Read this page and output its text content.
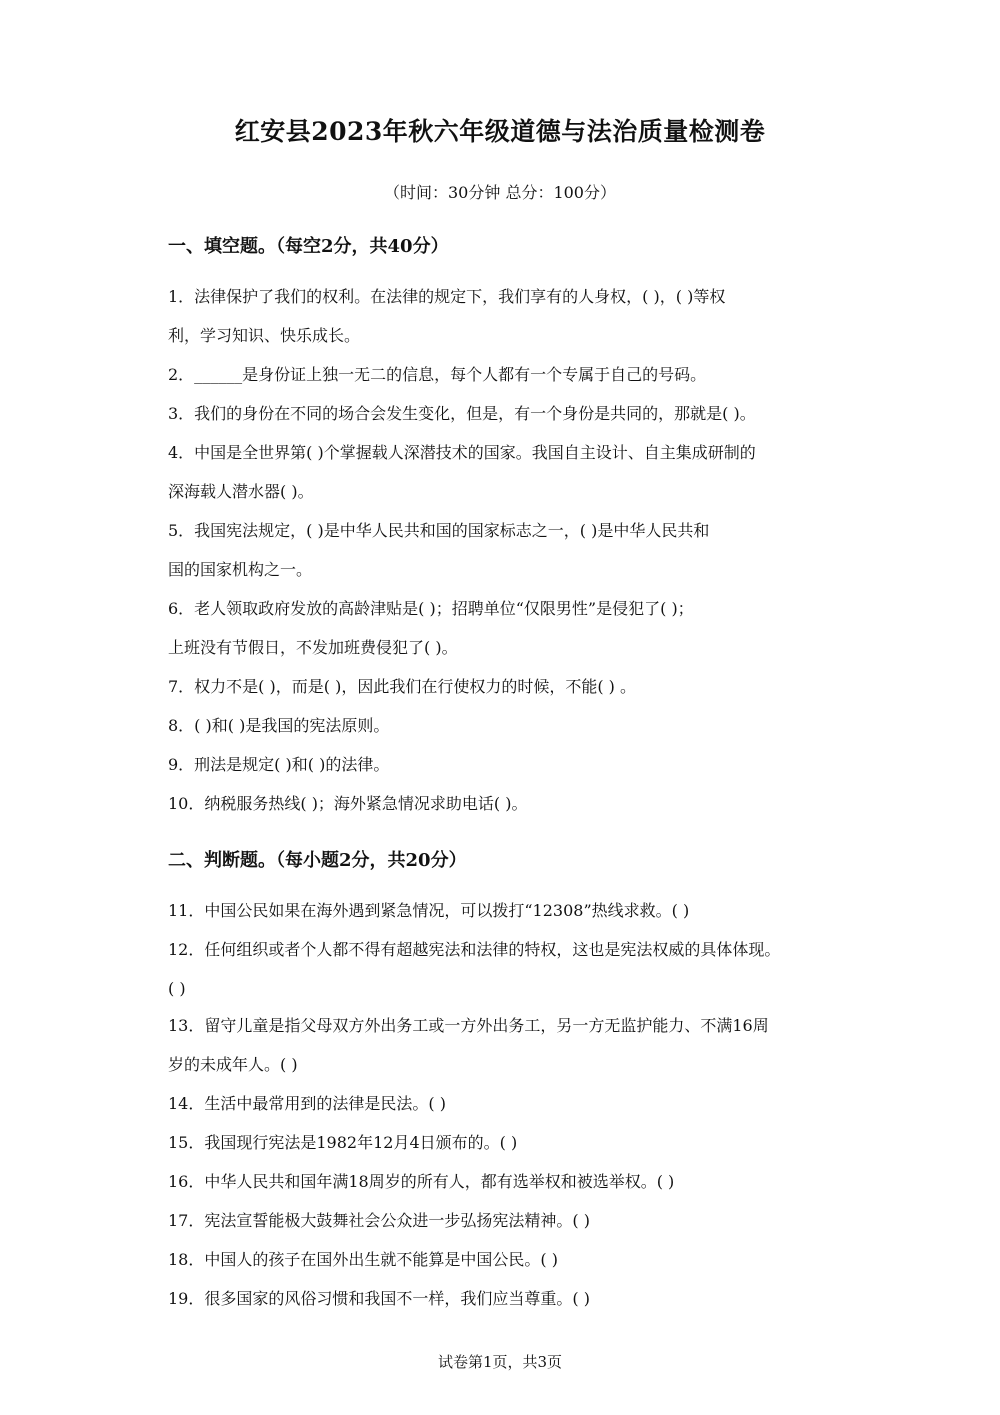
红安县2023年秋六年级道德与法治质量检测卷
（时间：30分钟 总分：100分）
一、填空题。（每空2分，共40分）
1．法律保护了我们的权利。在法律的规定下，我们享有的人身权，( )，( )等权
利，学习知识、快乐成长。
2．______是身份证上独一无二的信息，每个人都有一个专属于自己的号码。
3．我们的身份在不同的场合会发生变化，但是，有一个身份是共同的，那就是( )。
4．中国是全世界第( )个掌握载人深潜技术的国家。我国自主设计、自主集成研制的
深海载人潜水器( )。
5．我国宪法规定，( )是中华人民共和国的国家标志之一，( )是中华人民共和
国的国家机构之一。
6．老人领取政府发放的高龄津贴是( )；招聘单位“仅限男性”是侵犯了( )；
上班没有节假日，不发加班费侵犯了( )。
7．权力不是( )，而是( )，因此我们在行使权力的时候，不能( ) 。
8．( )和( )是我国的宪法原则。
9．刑法是规定( )和( )的法律。
10．纳税服务热线( )；海外紧急情况求助电话( )。
二、判断题。（每小题2分，共20分）
11．中国公民如果在海外遇到紧急情况，可以拨打“12308”热线求救。( )
12．任何组织或者个人都不得有超越宪法和法律的特权，这也是宪法权威的具体体现。
( )
13．留守儿童是指父母双方外出务工或一方外出务工，另一方无监护能力、不满16周
岁的未成年人。( )
14．生活中最常用到的法律是民法。( )
15．我国现行宪法是1982年12月4日颁布的。( )
16．中华人民共和国年满18周岁的所有人，都有选举权和被选举权。( )
17．宪法宣誓能极大鼓舞社会公众进一步弘扬宪法精神。( )
18．中国人的孩子在国外出生就不能算是中国公民。( )
19．很多国家的风俗习惯和我国不一样，我们应当尊重。( )
试卷第1页，共3页
